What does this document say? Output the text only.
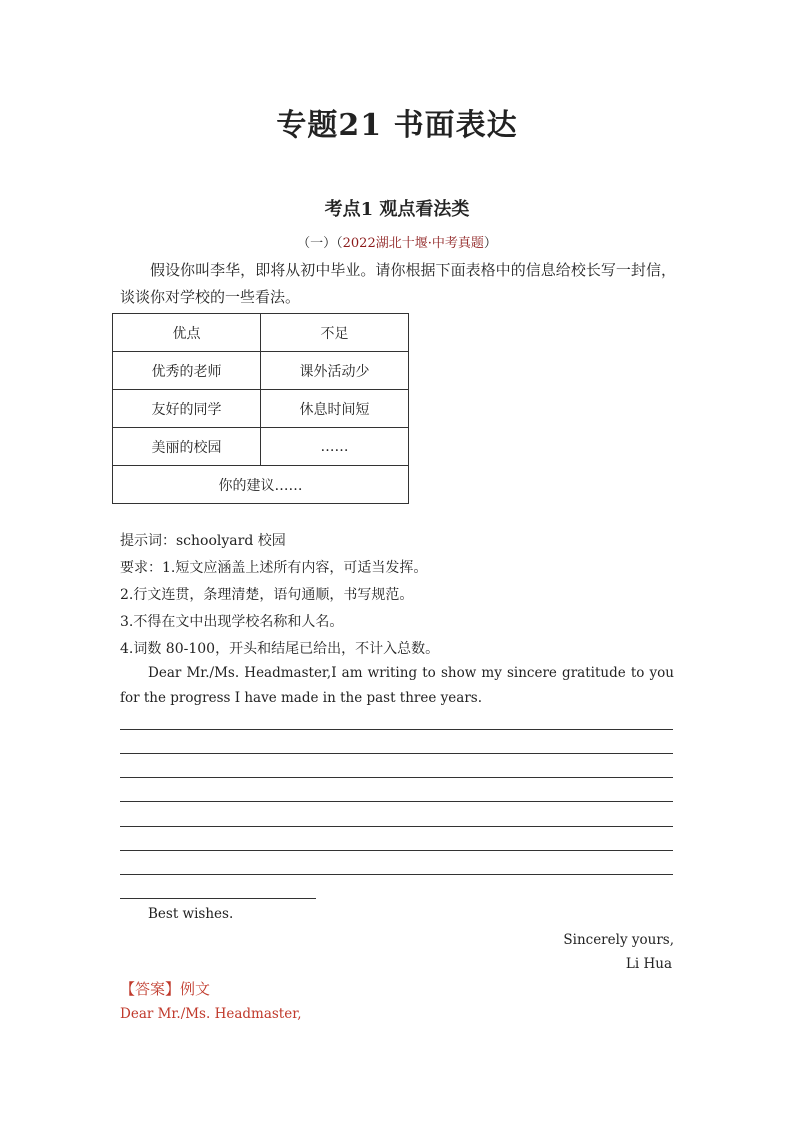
专题21 书面表达
考点1 观点看法类
（一）（2022湖北十堰·中考真题）
假设你叫李华，即将从初中毕业。请你根据下面表格中的信息给校长写一封信，谈谈你对学校的一些看法。
优点	不足
优秀的老师	课外活动少
友好的同学	休息时间短
美丽的校园	……
你的建议……	
提示词：schoolyard 校园
要求：1.短文应涵盖上述所有内容，可适当发挥。
2.行文连贯，条理清楚，语句通顺，书写规范。
3.不得在文中出现学校名称和人名。
4.词数 80-100，开头和结尾已给出，不计入总数。
Dear Mr./Ms. Headmaster,I am writing to show my sincere gratitude to you for the progress I have made in the past three years.
Best wishes.
Sincerely yours,
Li Hua
【答案】例文
Dear Mr./Ms. Headmaster,
